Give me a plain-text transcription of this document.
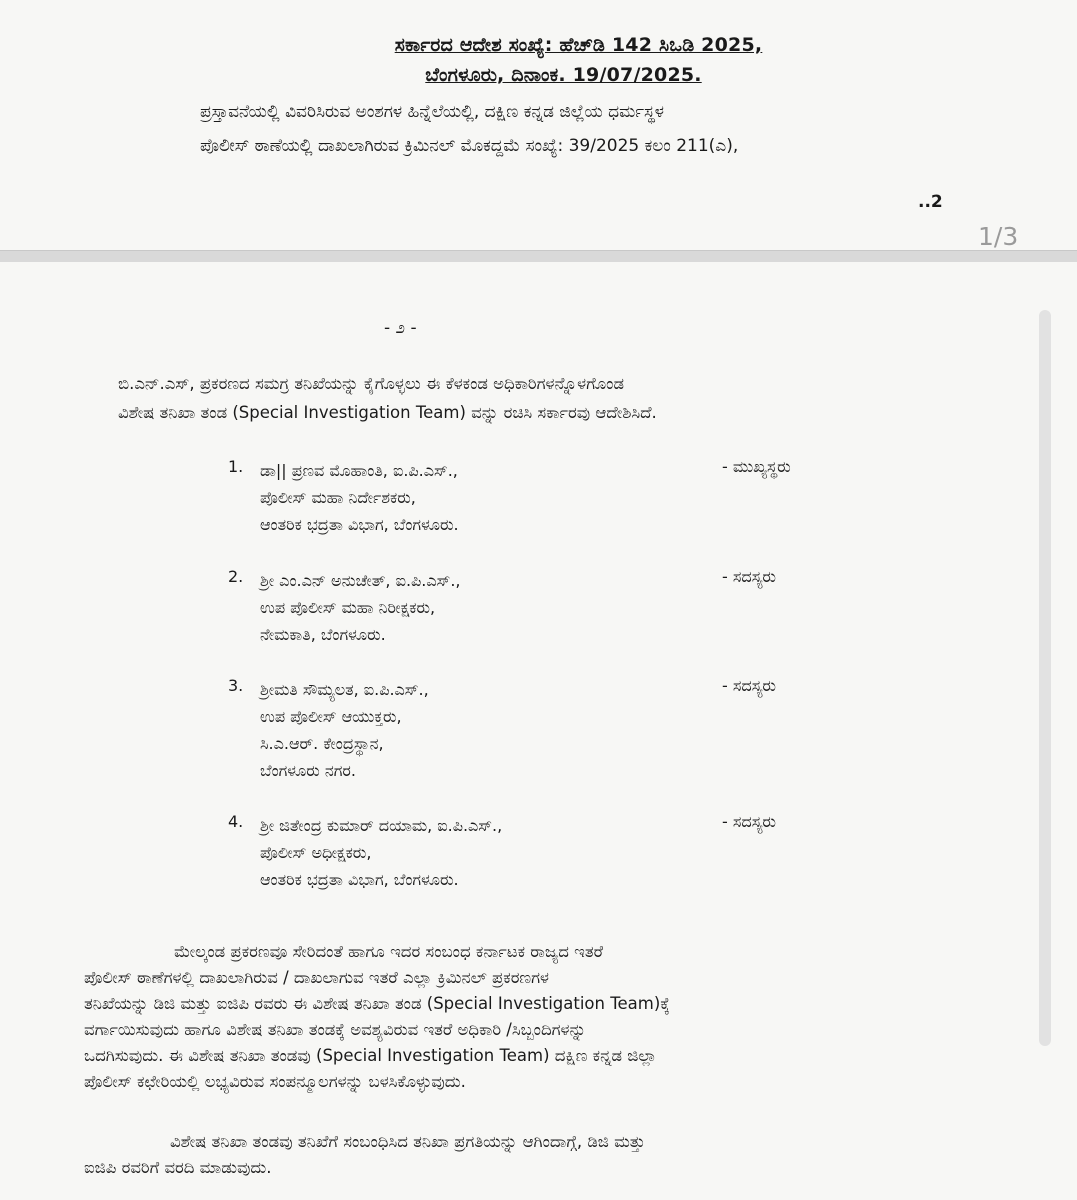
ಸರ್ಕಾರದ ಆದೇಶ ಸಂಖ್ಯೆ: ಹೆಚ್‌ಡಿ 142 ಸಿಒಡಿ 2025,
ಬೆಂಗಳೂರು, ದಿನಾಂಕ. 19/07/2025.
ಪ್ರಸ್ತಾವನೆಯಲ್ಲಿ ವಿವರಿಸಿರುವ ಅಂಶಗಳ ಹಿನ್ನೆಲೆಯಲ್ಲಿ, ದಕ್ಷಿಣ ಕನ್ನಡ ಜಿಲ್ಲೆಯ ಧರ್ಮಸ್ಥಳ
ಪೊಲೀಸ್ ಠಾಣೆಯಲ್ಲಿ ದಾಖಲಾಗಿರುವ ಕ್ರಿಮಿನಲ್ ಮೊಕದ್ದಮೆ ಸಂಖ್ಯೆ: 39/2025 ಕಲಂ 211(ಎ),
..2
1/3
- ೨ -
ಬಿ.ಎನ್.ಎಸ್, ಪ್ರಕರಣದ ಸಮಗ್ರ ತನಿಖೆಯನ್ನು ಕೈಗೊಳ್ಳಲು ಈ ಕೆಳಕಂಡ ಅಧಿಕಾರಿಗಳನ್ನೊಳಗೊಂಡ
ವಿಶೇಷ ತನಿಖಾ ತಂಡ (Special Investigation Team) ವನ್ನು ರಚಿಸಿ ಸರ್ಕಾರವು ಆದೇಶಿಸಿದೆ.
1. ಡಾ|| ಪ್ರಣವ ಮೊಹಾಂತಿ, ಐ.ಪಿ.ಎಸ್.,
ಪೊಲೀಸ್ ಮಹಾ ನಿರ್ದೇಶಕರು,
ಆಂತರಿಕ ಭದ್ರತಾ ವಿಭಾಗ, ಬೆಂಗಳೂರು.
- ಮುಖ್ಯಸ್ಥರು
2. ಶ್ರೀ ಎಂ.ಎನ್ ಅನುಚೇತ್, ಐ.ಪಿ.ಎಸ್.,
ಉಪ ಪೊಲೀಸ್ ಮಹಾ ನಿರೀಕ್ಷಕರು,
ನೇಮಕಾತಿ, ಬೆಂಗಳೂರು.
- ಸದಸ್ಯರು
3. ಶ್ರೀಮತಿ ಸೌಮ್ಯಲತ, ಐ.ಪಿ.ಎಸ್.,
ಉಪ ಪೊಲೀಸ್ ಆಯುಕ್ತರು,
ಸಿ.ಎ.ಆರ್. ಕೇಂದ್ರಸ್ಥಾನ,
ಬೆಂಗಳೂರು ನಗರ.
- ಸದಸ್ಯರು
4. ಶ್ರೀ ಜಿತೇಂದ್ರ ಕುಮಾರ್ ದಯಾಮ, ಐ.ಪಿ.ಎಸ್.,
ಪೊಲೀಸ್ ಅಧೀಕ್ಷಕರು,
ಆಂತರಿಕ ಭದ್ರತಾ ವಿಭಾಗ, ಬೆಂಗಳೂರು.
- ಸದಸ್ಯರು
ಮೇಲ್ಕಂಡ ಪ್ರಕರಣವೂ ಸೇರಿದಂತೆ ಹಾಗೂ ಇದರ ಸಂಬಂಧ ಕರ್ನಾಟಕ ರಾಜ್ಯದ ಇತರೆ
ಪೊಲೀಸ್ ಠಾಣೆಗಳಲ್ಲಿ ದಾಖಲಾಗಿರುವ / ದಾಖಲಾಗುವ ಇತರೆ ಎಲ್ಲಾ ಕ್ರಿಮಿನಲ್ ಪ್ರಕರಣಗಳ
ತನಿಖೆಯನ್ನು ಡಿಜಿ ಮತ್ತು ಐಜಿಪಿ ರವರು ಈ ವಿಶೇಷ ತನಿಖಾ ತಂಡ (Special Investigation Team)ಕ್ಕೆ
ವರ್ಗಾಯಿಸುವುದು ಹಾಗೂ ವಿಶೇಷ ತನಿಖಾ ತಂಡಕ್ಕೆ ಅವಶ್ಯವಿರುವ ಇತರೆ ಅಧಿಕಾರಿ /ಸಿಬ್ಬಂದಿಗಳನ್ನು
ಒದಗಿಸುವುದು. ಈ ವಿಶೇಷ ತನಿಖಾ ತಂಡವು (Special Investigation Team) ದಕ್ಷಿಣ ಕನ್ನಡ ಜಿಲ್ಲಾ
ಪೊಲೀಸ್ ಕಛೇರಿಯಲ್ಲಿ ಲಭ್ಯವಿರುವ ಸಂಪನ್ಮೂಲಗಳನ್ನು ಬಳಸಿಕೊಳ್ಳುವುದು.
ವಿಶೇಷ ತನಿಖಾ ತಂಡವು ತನಿಖೆಗೆ ಸಂಬಂಧಿಸಿದ ತನಿಖಾ ಪ್ರಗತಿಯನ್ನು ಆಗಿಂದಾಗ್ಗೆ, ಡಿಜಿ ಮತ್ತು
ಐಜಿಪಿ ರವರಿಗೆ ವರದಿ ಮಾಡುವುದು.
